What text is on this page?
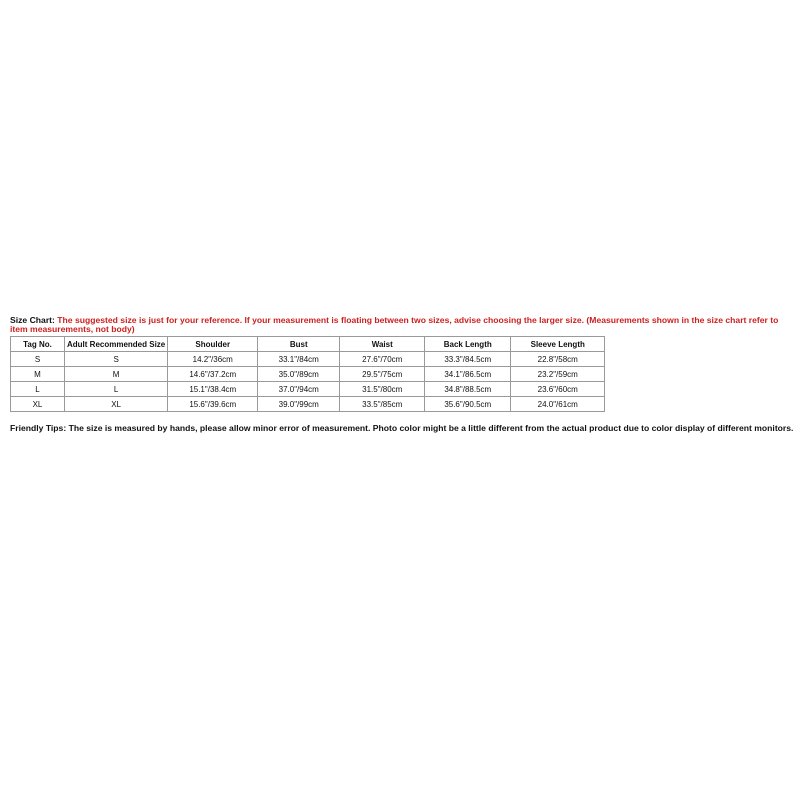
Size Chart: The suggested size is just for your reference. If your measurement is floating between two sizes, advise choosing the larger size. (Measurements shown in the size chart refer to item measurements, not body)

Tag No.	Adult Recommended Size	Shoulder	Bust	Waist	Back Length	Sleeve Length
S	S	14.2"/36cm	33.1"/84cm	27.6"/70cm	33.3"/84.5cm	22.8"/58cm
M	M	14.6"/37.2cm	35.0"/89cm	29.5"/75cm	34.1"/86.5cm	23.2"/59cm
L	L	15.1"/38.4cm	37.0"/94cm	31.5"/80cm	34.8"/88.5cm	23.6"/60cm
XL	XL	15.6"/39.6cm	39.0"/99cm	33.5"/85cm	35.6"/90.5cm	24.0"/61cm

Friendly Tips: The size is measured by hands, please allow minor error of measurement. Photo color might be a little different from the actual product due to color display of different monitors.
